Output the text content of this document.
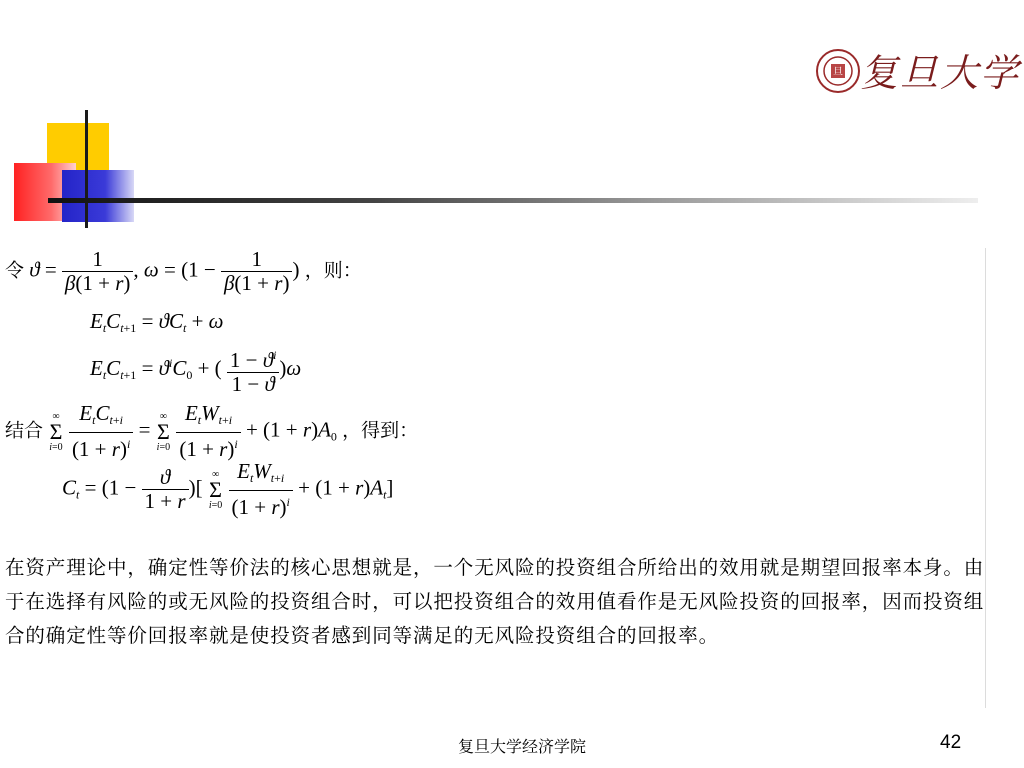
旦 复旦大学
令 $ϑ = \frac{1}{\beta(1 + r)}$ , $\omega = (1 - \frac{1}{\beta(1 + r)}$ ) ，则：
$E_tC_{t+1} = ϑC_t + \omega$
$E_tC_{t+1} = ϑ^iC_0$ + ( $\frac{1 - ϑ^i}{1 - ϑ} )\omega$
结合
∞
Σ
i=0
$\frac{E_tC_{t+i}}{(1 + r)^i}$ =
∞
Σ
i=0
$\frac{E_tW_{t+i}}{(1 + r)^i} + (1 + r)A_0$ ，得到：
$C_t = (1 - \frac{ϑ}{1 + r}$ )[
∞
Σ
i=0
$\frac{E_tW_{t+i}}{(1 + r)^i} + (1 + r)A_t$]
在资产理论中，确定性等价法的核心思想就是，一个无风险的投资组合所给出的效用就是期望回报率本身。由于在选择有风险的或无风险的投资组合时，可以把投资组合的效用值看作是无风险投资的回报率，因而投资组合的确定性等价回报率就是使投资者感到同等满足的无风险投资组合的回报率。
复旦大学经济学院	42
